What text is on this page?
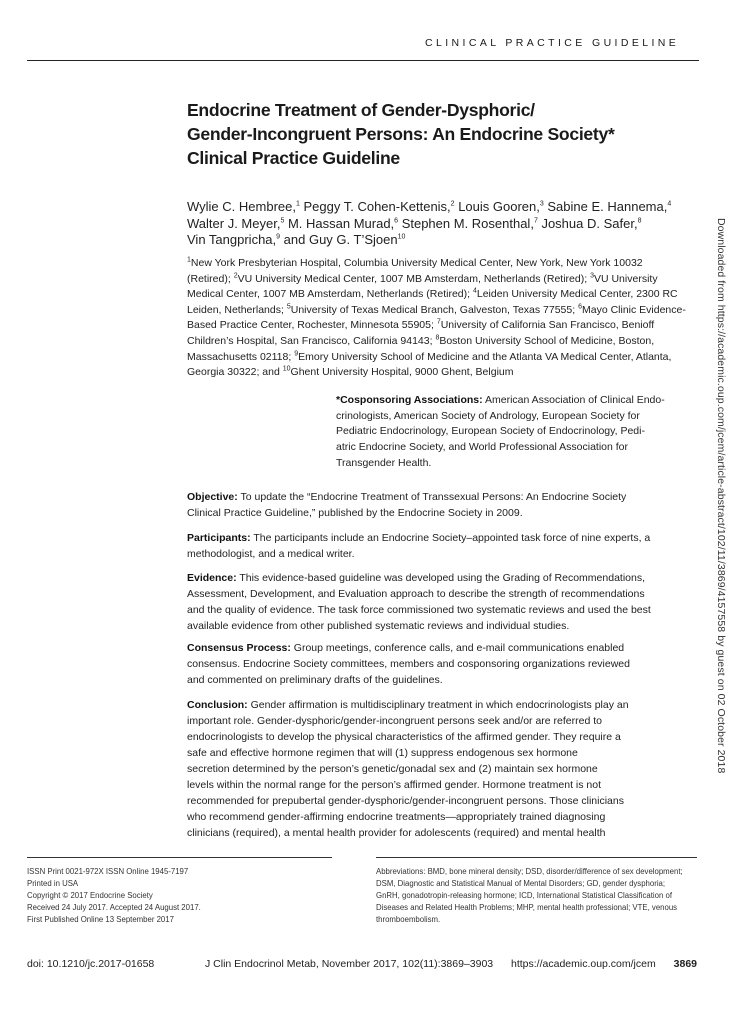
CLINICAL PRACTICE GUIDELINE
Endocrine Treatment of Gender-Dysphoric/
Gender-Incongruent Persons: An Endocrine Society*
Clinical Practice Guideline
Wylie C. Hembree,$^1$ Peggy T. Cohen-Kettenis,$^2$ Louis Gooren,$^3$ Sabine E. Hannema,$^4$
Walter J. Meyer,$^5$ M. Hassan Murad,$^6$ Stephen M. Rosenthal,$^7$ Joshua D. Safer,$^8$
Vin Tangpricha,$^9$ and Guy G. T’Sjoen$^{10}$
$^1$New York Presbyterian Hospital, Columbia University Medical Center, New York, New York 10032
(Retired); $^2$VU University Medical Center, 1007 MB Amsterdam, Netherlands (Retired); $^3$VU University
Medical Center, 1007 MB Amsterdam, Netherlands (Retired); $^4$Leiden University Medical Center, 2300 RC
Leiden, Netherlands; $^5$University of Texas Medical Branch, Galveston, Texas 77555; $^6$Mayo Clinic Evidence-
Based Practice Center, Rochester, Minnesota 55905; $^7$University of California San Francisco, Benioff
Children’s Hospital, San Francisco, California 94143; $^8$Boston University School of Medicine, Boston,
Massachusetts 02118; $^9$Emory University School of Medicine and the Atlanta VA Medical Center, Atlanta,
Georgia 30322; and $^{10}$Ghent University Hospital, 9000 Ghent, Belgium
*Cosponsoring Associations: American Association of Clinical Endo-
crinologists, American Society of Andrology, European Society for
Pediatric Endocrinology, European Society of Endocrinology, Pedi-
atric Endocrine Society, and World Professional Association for
Transgender Health.
Objective: To update the “Endocrine Treatment of Transsexual Persons: An Endocrine Society
Clinical Practice Guideline,” published by the Endocrine Society in 2009.
Participants: The participants include an Endocrine Society–appointed task force of nine experts, a
methodologist, and a medical writer.
Evidence: This evidence-based guideline was developed using the Grading of Recommendations,
Assessment, Development, and Evaluation approach to describe the strength of recommendations
and the quality of evidence. The task force commissioned two systematic reviews and used the best
available evidence from other published systematic reviews and individual studies.
Consensus Process: Group meetings, conference calls, and e-mail communications enabled
consensus. Endocrine Society committees, members and cosponsoring organizations reviewed
and commented on preliminary drafts of the guidelines.
Conclusion: Gender affirmation is multidisciplinary treatment in which endocrinologists play an
important role. Gender-dysphoric/gender-incongruent persons seek and/or are referred to
endocrinologists to develop the physical characteristics of the affirmed gender. They require a
safe and effective hormone regimen that will (1) suppress endogenous sex hormone
secretion determined by the person’s genetic/gonadal sex and (2) maintain sex hormone
levels within the normal range for the person’s affirmed gender. Hormone treatment is not
recommended for prepubertal gender-dysphoric/gender-incongruent persons. Those clinicians
who recommend gender-affirming endocrine treatments—appropriately trained diagnosing
clinicians (required), a mental health provider for adolescents (required) and mental health
Downloaded from https://academic.oup.com/jcem/article-abstract/102/11/3869/4157558 by guest on 02 October 2018
ISSN Print 0021-972X ISSN Online 1945-7197
Printed in USA
Copyright © 2017 Endocrine Society
Received 24 July 2017. Accepted 24 August 2017.
First Published Online 13 September 2017
Abbreviations: BMD, bone mineral density; DSD, disorder/difference of sex development;
DSM, Diagnostic and Statistical Manual of Mental Disorders; GD, gender dysphoria;
GnRH, gonadotropin-releasing hormone; ICD, International Statistical Classification of
Diseases and Related Health Problems; MHP, mental health professional; VTE, venous
thromboembolism.
doi: 10.1210/jc.2017-01658	J Clin Endocrinol Metab, November 2017, 102(11):3869–3903 https://academic.oup.com/jcem 3869
